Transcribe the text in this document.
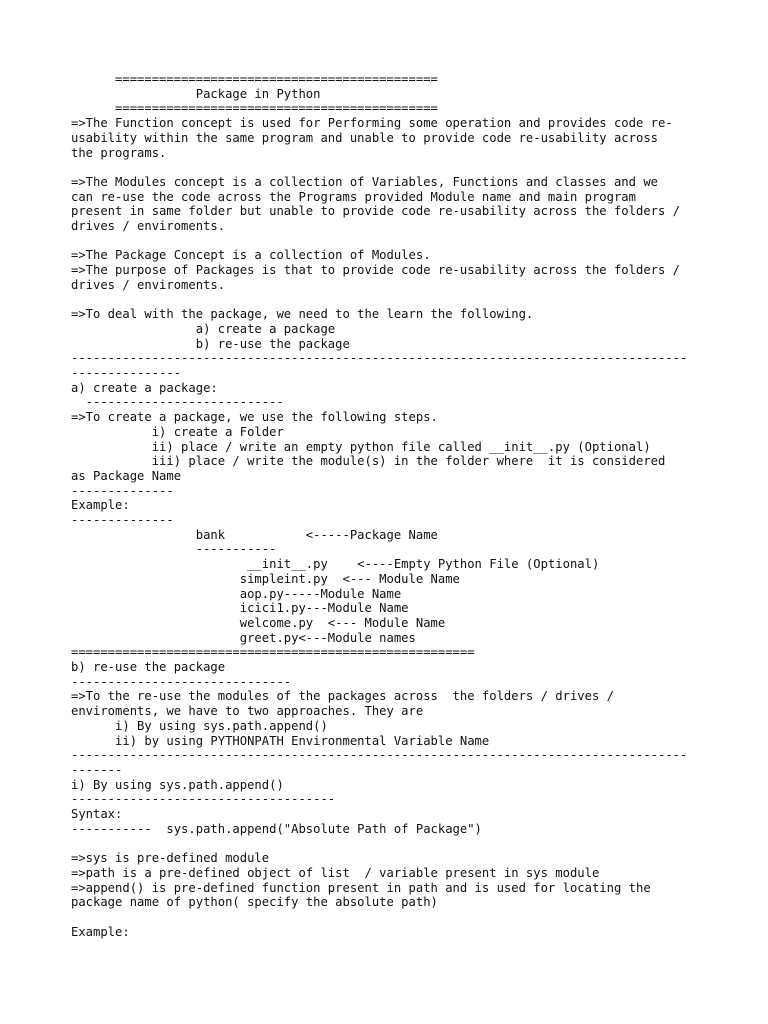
============================================
Package in Python
============================================
=>The Function concept is used for Performing some operation and provides code re-
usability within the same program and unable to provide code re-usability across
the programs.
=>The Modules concept is a collection of Variables, Functions and classes and we
can re-use the code across the Programs provided Module name and main program
present in same folder but unable to provide code re-usability across the folders /
drives / enviroments.
=>The Package Concept is a collection of Modules.
=>The purpose of Packages is that to provide code re-usability across the folders /
drives / enviroments.
=>To deal with the package, we need to the learn the following.
a) create a package
b) re-use the package
------------------------------------------------------------------------------------
---------------
a) create a package:
---------------------------
=>To create a package, we use the following steps.
i) create a Folder
ii) place / write an empty python file called __init__.py (Optional)
iii) place / write the module(s) in the folder where  it is considered
as Package Name
--------------
Example:
--------------
bank           <-----Package Name
-----------
__init__.py    <----Empty Python File (Optional)
simpleint.py  <--- Module Name
aop.py-----Module Name
icici1.py---Module Name
welcome.py  <--- Module Name
greet.py<---Module names
=======================================================
b) re-use the package
------------------------------
=>To the re-use the modules of the packages across  the folders / drives /
enviroments, we have to two approaches. They are
i) By using sys.path.append()
ii) by using PYTHONPATH Environmental Variable Name
------------------------------------------------------------------------------------
-------
i) By using sys.path.append()
------------------------------------
Syntax:
-----------  sys.path.append("Absolute Path of Package")
=>sys is pre-defined module
=>path is a pre-defined object of list  / variable present in sys module
=>append() is pre-defined function present in path and is used for locating the
package name of python( specify the absolute path)
Example:
